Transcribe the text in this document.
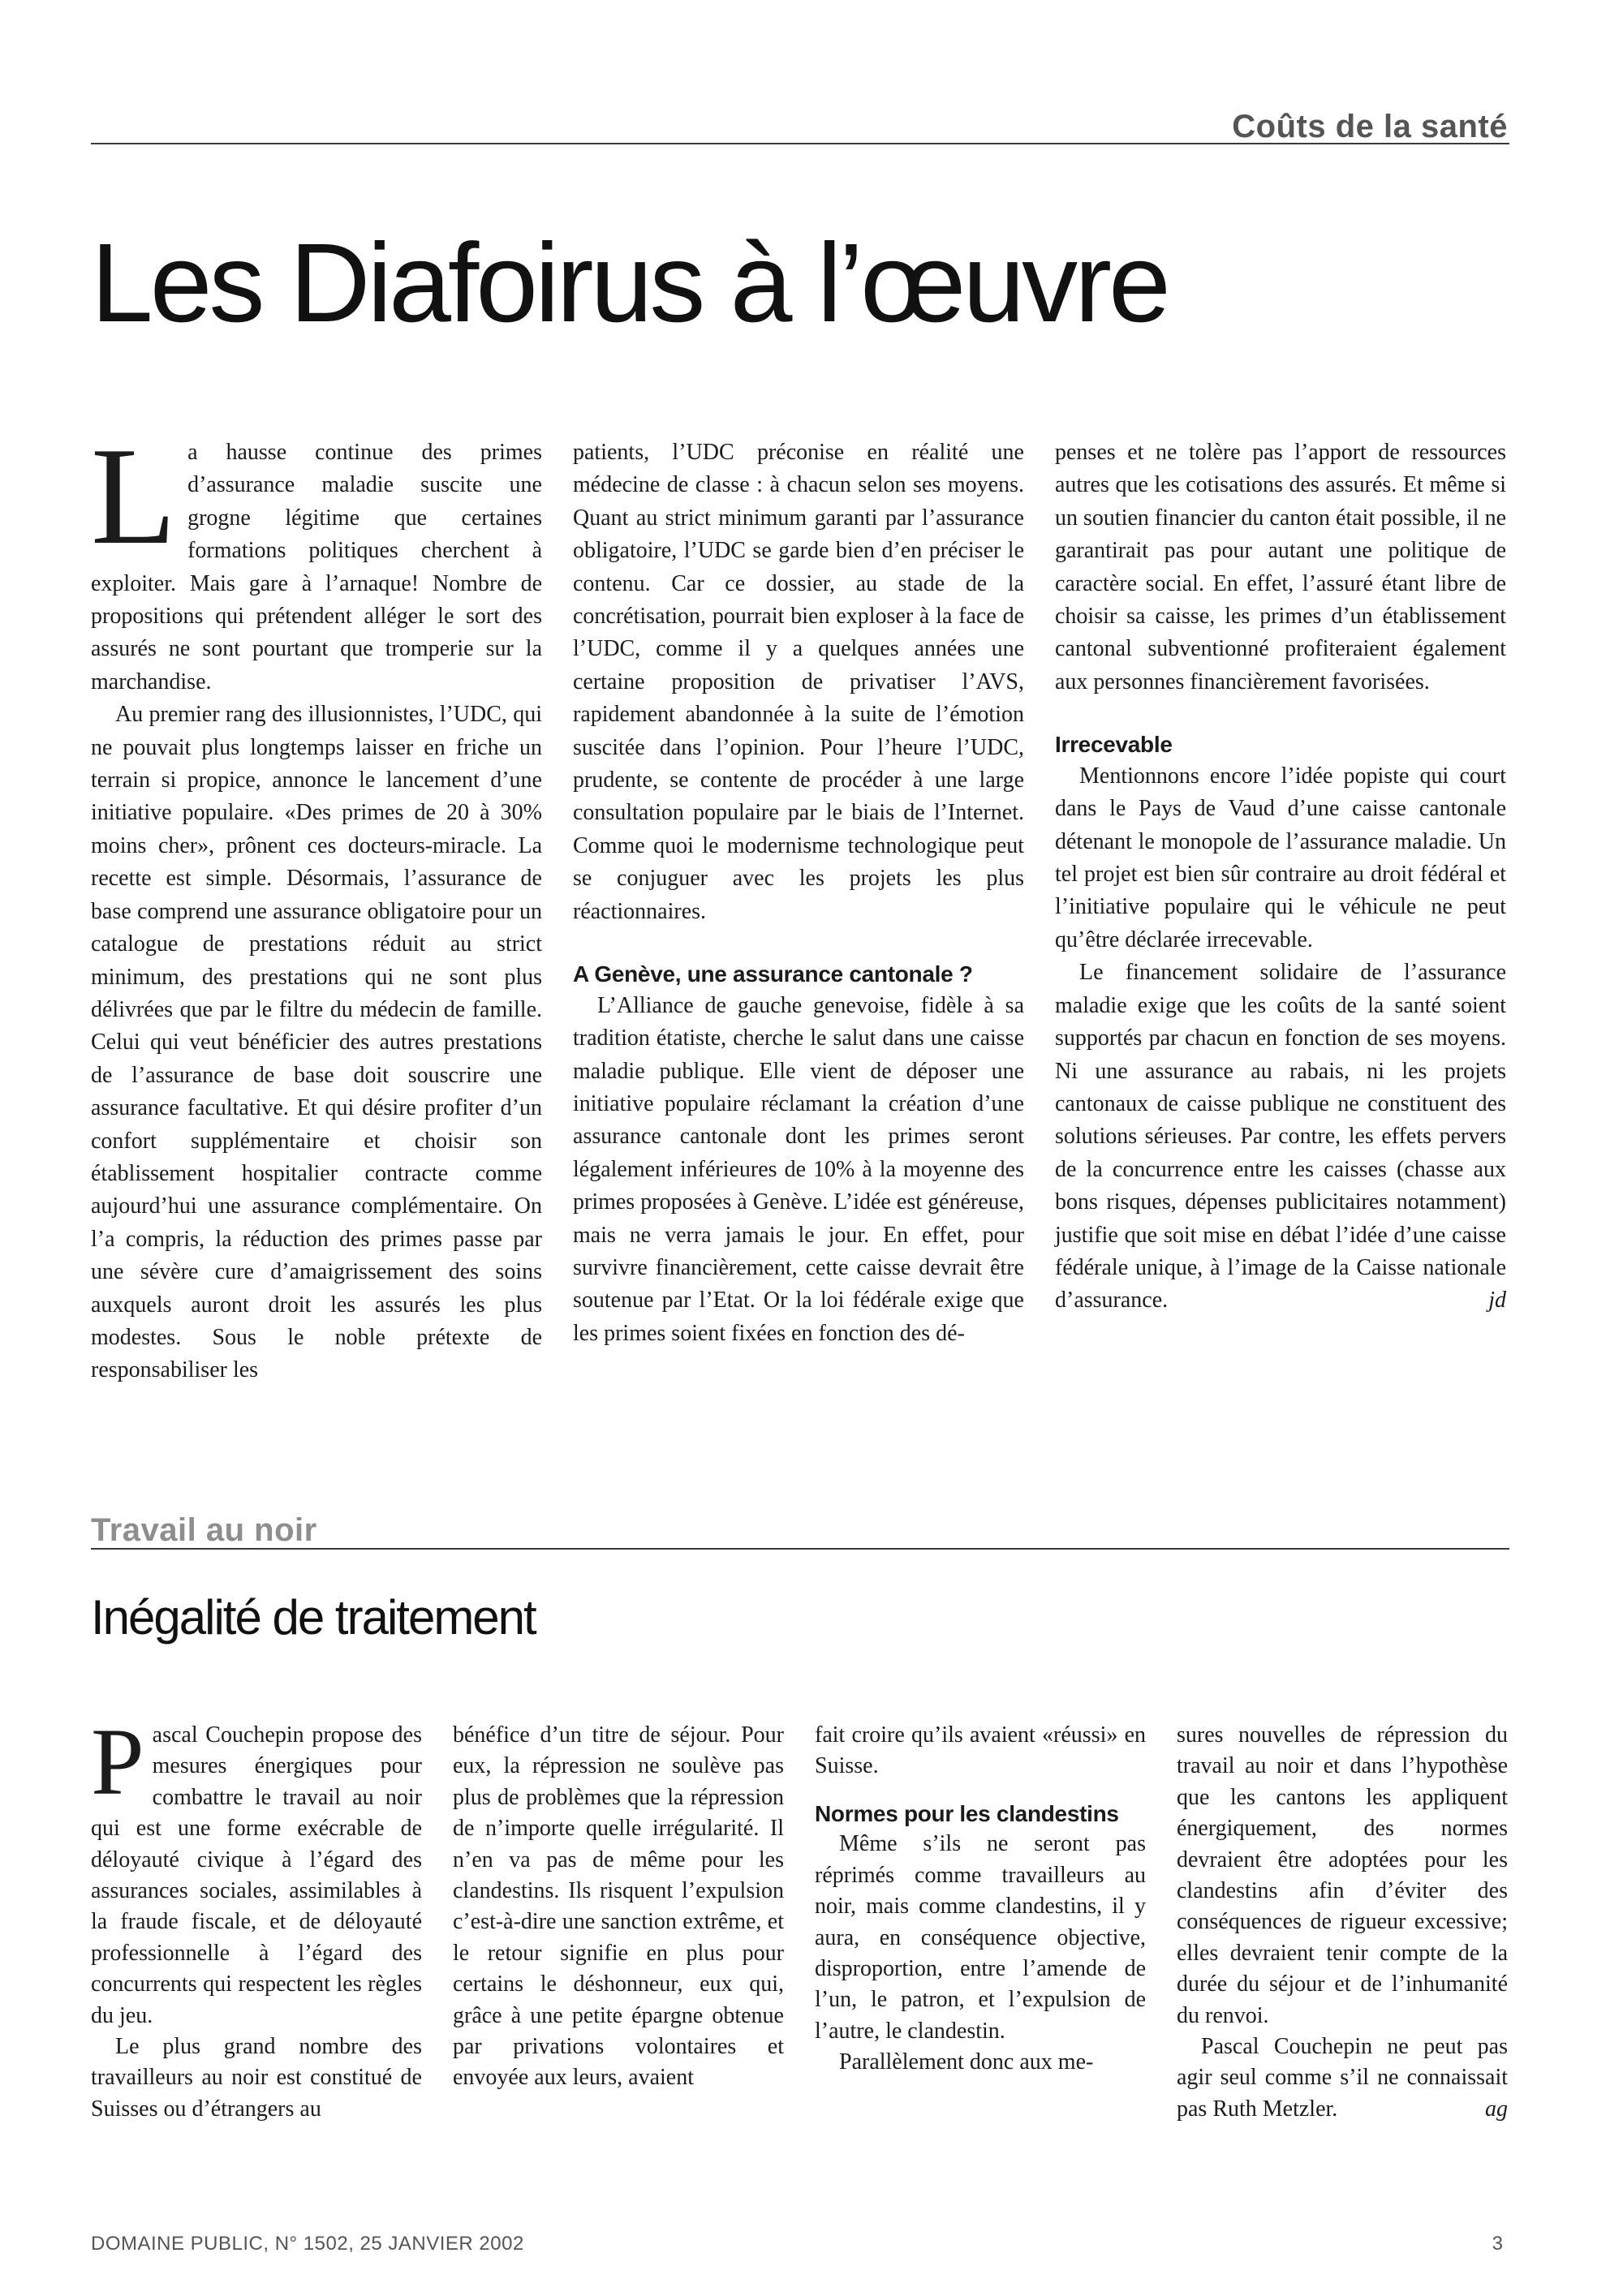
Coûts de la santé
Les Diafoirus à l’œuvre

La hausse continue des primes d’assurance maladie suscite une grogne légitime que certaines formations politiques cherchent à exploiter. Mais gare à l’arnaque! Nombre de propositions qui prétendent alléger le sort des assurés ne sont pourtant que tromperie sur la marchandise.

Au premier rang des illusionnistes, l’UDC, qui ne pouvait plus longtemps laisser en friche un terrain si propice, annonce le lancement d’une initiative populaire. «Des primes de 20 à 30% moins cher», prônent ces docteurs-miracle. La recette est simple. Désormais, l’assurance de base comprend une assurance obligatoire pour un catalogue de prestations réduit au strict minimum, des prestations qui ne sont plus délivrées que par le filtre du médecin de famille. Celui qui veut bénéficier des autres prestations de l’assurance de base doit souscrire une assurance facultative. Et qui désire profiter d’un confort supplémentaire et choisir son établissement hospitalier contracte comme aujourd’hui une assurance complémentaire. On l’a compris, la réduction des primes passe par une sévère cure d’amaigrissement des soins auxquels auront droit les assurés les plus modestes. Sous le noble prétexte de responsabiliser les

patients, l’UDC préconise en réalité une médecine de classe : à chacun selon ses moyens. Quant au strict minimum garanti par l’assurance obligatoire, l’UDC se garde bien d’en préciser le contenu. Car ce dossier, au stade de la concrétisation, pourrait bien exploser à la face de l’UDC, comme il y a quelques années une certaine proposition de privatiser l’AVS, rapidement abandonnée à la suite de l’émotion suscitée dans l’opinion. Pour l’heure l’UDC, prudente, se contente de procéder à une large consultation populaire par le biais de l’Internet. Comme quoi le modernisme technologique peut se conjuguer avec les projets les plus réactionnaires.

A Genève, une assurance cantonale ?

L’Alliance de gauche genevoise, fidèle à sa tradition étatiste, cherche le salut dans une caisse maladie publique. Elle vient de déposer une initiative populaire réclamant la création d’une assurance cantonale dont les primes seront légalement inférieures de 10% à la moyenne des primes proposées à Genève. L’idée est généreuse, mais ne verra jamais le jour. En effet, pour survivre financièrement, cette caisse devrait être soutenue par l’Etat. Or la loi fédérale exige que les primes soient fixées en fonction des dé-

penses et ne tolère pas l’apport de ressources autres que les cotisations des assurés. Et même si un soutien financier du canton était possible, il ne garantirait pas pour autant une politique de caractère social. En effet, l’assuré étant libre de choisir sa caisse, les primes d’un établissement cantonal subventionné profiteraient également aux personnes financièrement favorisées.

Irrecevable

Mentionnons encore l’idée popiste qui court dans le Pays de Vaud d’une caisse cantonale détenant le monopole de l’assurance maladie. Un tel projet est bien sûr contraire au droit fédéral et l’initiative populaire qui le véhicule ne peut qu’être déclarée irrecevable.

Le financement solidaire de l’assurance maladie exige que les coûts de la santé soient supportés par chacun en fonction de ses moyens. Ni une assurance au rabais, ni les projets cantonaux de caisse publique ne constituent des solutions sérieuses. Par contre, les effets pervers de la concurrence entre les caisses (chasse aux bons risques, dépenses publicitaires notamment) justifie que soit mise en débat l’idée d’une caisse fédérale unique, à l’image de la Caisse nationale d’assurance.	jd

Travail au noir
Inégalité de traitement

Pascal Couchepin propose des mesures énergiques pour combattre le travail au noir qui est une forme exécrable de déloyauté civique à l’égard des assurances sociales, assimilables à la fraude fiscale, et de déloyauté professionnelle à l’égard des concurrents qui respectent les règles du jeu.

Le plus grand nombre des travailleurs au noir est constitué de Suisses ou d’étrangers au

bénéfice d’un titre de séjour. Pour eux, la répression ne soulève pas plus de problèmes que la répression de n’importe quelle irrégularité. Il n’en va pas de même pour les clandestins. Ils risquent l’expulsion c’est-à-dire une sanction extrême, et le retour signifie en plus pour certains le déshonneur, eux qui, grâce à une petite épargne obtenue par privations volontaires et envoyée aux leurs, avaient

fait croire qu’ils avaient «réussi» en Suisse.

Normes pour les clandestins

Même s’ils ne seront pas réprimés comme travailleurs au noir, mais comme clandestins, il y aura, en conséquence objective, disproportion, entre l’amende de l’un, le patron, et l’expulsion de l’autre, le clandestin.

Parallèlement donc aux me-

sures nouvelles de répression du travail au noir et dans l’hypothèse que les cantons les appliquent énergiquement, des normes devraient être adoptées pour les clandestins afin d’éviter des conséquences de rigueur excessive; elles devraient tenir compte de la durée du séjour et de l’inhumanité du renvoi.

Pascal Couchepin ne peut pas agir seul comme s’il ne connaissait pas Ruth Metzler.	ag

DOMAINE PUBLIC, N° 1502, 25 JANVIER 2002	3
